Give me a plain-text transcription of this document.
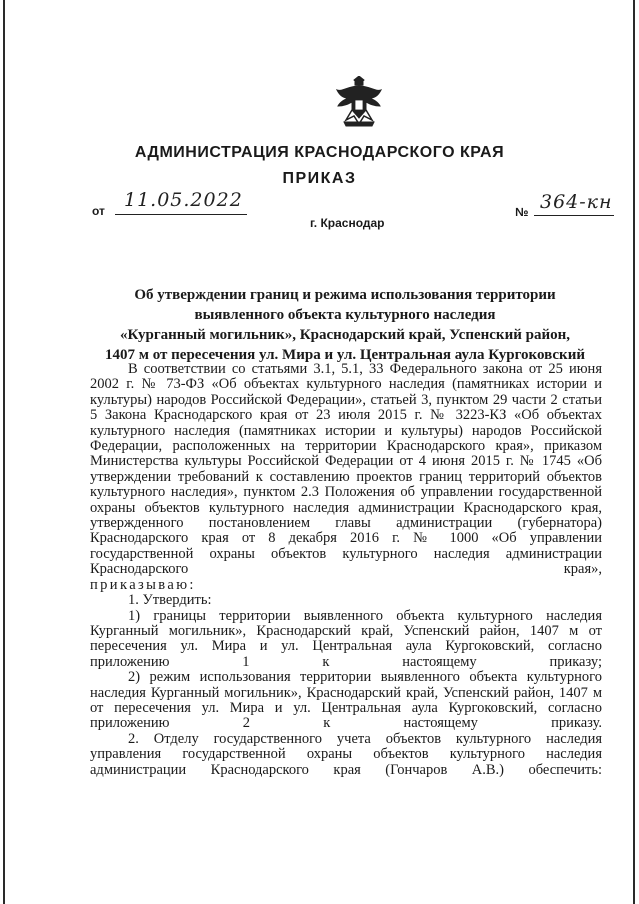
АДМИНИСТРАЦИЯ КРАСНОДАРСКОГО КРАЯ
ПРИКАЗ
от 11.05.2022
г. Краснодар
№ 364-кн
Об утверждении границ и режима использования территории
выявленного объекта культурного наследия
«Курганный могильник», Краснодарский край, Успенский район,
1407 м от пересечения ул. Мира и ул. Центральная аула Кургоковский
В соответствии со статьями 3.1, 5.1, 33 Федерального закона от 25 июня 2002 г. № 73-ФЗ «Об объектах культурного наследия (памятниках истории и культуры) народов Российской Федерации», статьей 3, пунктом 29 части 2 статьи 5 Закона Краснодарского края от 23 июля 2015 г. № 3223-КЗ «Об объектах культурного наследия (памятниках истории и культуры) народов Российской Федерации, расположенных на территории Краснодарского края», приказом Министерства культуры Российской Федерации от 4 июня 2015 г. № 1745 «Об утверждении требований к составлению проектов границ территорий объектов культурного наследия», пунктом 2.3 Положения об управлении государственной охраны объектов культурного наследия администрации Краснодарского края, утвержденного постановлением главы администрации (губернатора) Краснодарского края от 8 декабря 2016 г. № 1000 «Об управлении государственной охраны объектов культурного наследия администрации Краснодарского края»,
приказываю:
1. Утвердить:
1) границы территории выявленного объекта культурного наследия Курганный могильник», Краснодарский край, Успенский район, 1407 м от пересечения ул. Мира и ул. Центральная аула Кургоковский, согласно приложению 1 к настоящему приказу;
2) режим использования территории выявленного объекта культурного наследия Курганный могильник», Краснодарский край, Успенский район, 1407 м от пересечения ул. Мира и ул. Центральная аула Кургоковский, согласно приложению 2 к настоящему приказу.
2. Отделу государственного учета объектов культурного наследия управления государственной охраны объектов культурного наследия администрации Краснодарского края (Гончаров А.В.) обеспечить:
